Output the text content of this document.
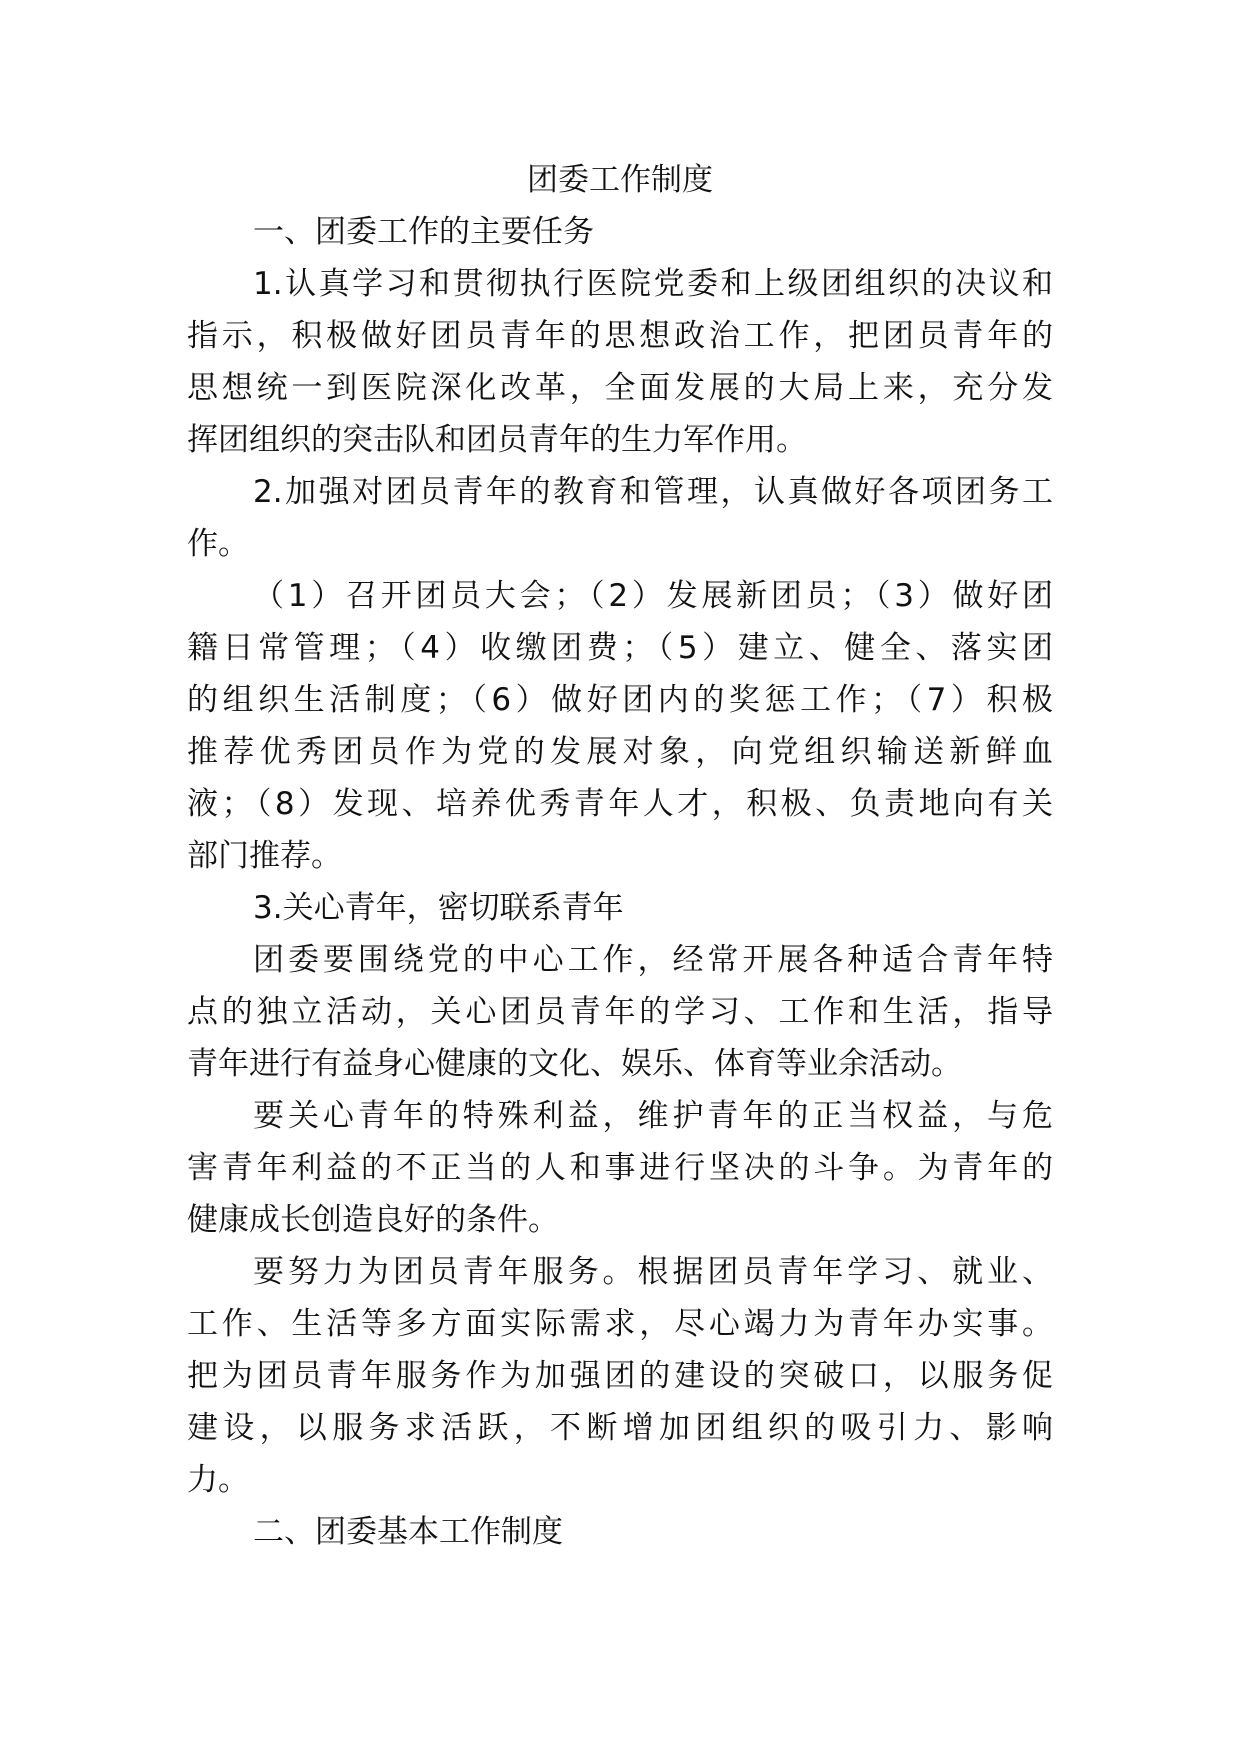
团委工作制度
一、团委工作的主要任务
1.认真学习和贯彻执行医院党委和上级团组织的决议和
指示，积极做好团员青年的思想政治工作，把团员青年的
思想统一到医院深化改革，全面发展的大局上来，充分发
挥团组织的突击队和团员青年的生力军作用。
2.加强对团员青年的教育和管理，认真做好各项团务工
作。
（1）召开团员大会；（2）发展新团员；（3）做好团
籍日常管理；（4）收缴团费；（5）建立、健全、落实团
的组织生活制度；（6）做好团内的奖惩工作；（7）积极
推荐优秀团员作为党的发展对象，向党组织输送新鲜血
液；（8）发现、培养优秀青年人才，积极、负责地向有关
部门推荐。
3.关心青年，密切联系青年
团委要围绕党的中心工作，经常开展各种适合青年特
点的独立活动，关心团员青年的学习、工作和生活，指导
青年进行有益身心健康的文化、娱乐、体育等业余活动。
要关心青年的特殊利益，维护青年的正当权益，与危
害青年利益的不正当的人和事进行坚决的斗争。为青年的
健康成长创造良好的条件。
要努力为团员青年服务。根据团员青年学习、就业、
工作、生活等多方面实际需求，尽心竭力为青年办实事。
把为团员青年服务作为加强团的建设的突破口，以服务促
建设，以服务求活跃，不断增加团组织的吸引力、影响
力。
二、团委基本工作制度
